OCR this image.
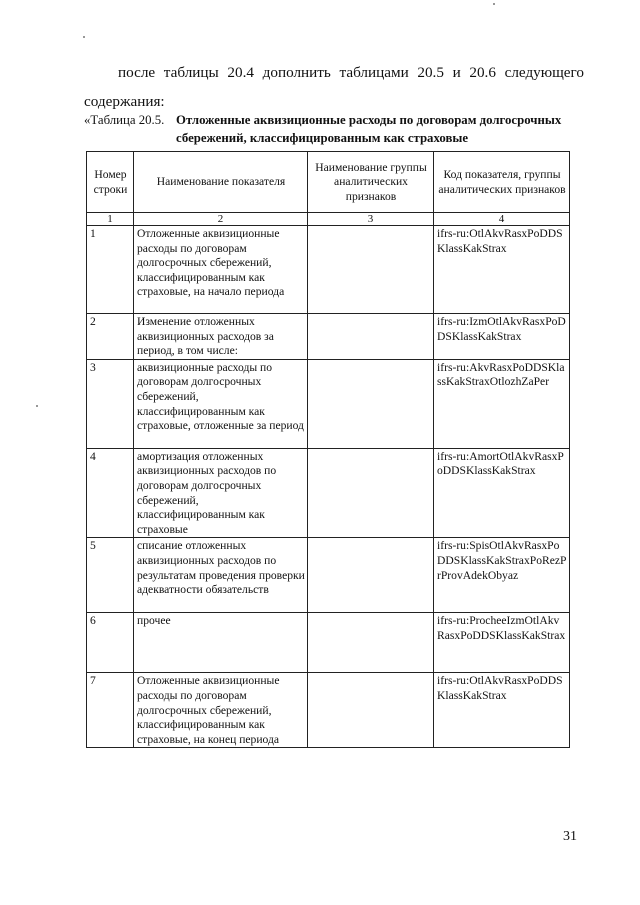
после таблицы 20.4 дополнить таблицами 20.5 и 20.6 следующего
содержания:
«Таблица 20.5. Отложенные аквизиционные расходы по договорам долгосрочных сбережений, классифицированным как страховые
Номер строки	Наименование показателя	Наименование группы аналитических признаков	Код показателя, группы аналитических признаков
1	2	3	4
1	Отложенные аквизиционные расходы по договорам долгосрочных сбережений, классифицированным как страховые, на начало периода		ifrs-ru:OtlAkvRasxPoDDSKlassKakStrax
2	Изменение отложенных аквизиционных расходов за период, в том числе:		ifrs-ru:IzmOtlAkvRasxPoDDSKlassKakStrax
3	аквизиционные расходы по договорам долгосрочных сбережений, классифицированным как страховые, отложенные за период		ifrs-ru:AkvRasxPoDDSKlassKakStraxOtlozhZaPer
4	амортизация отложенных аквизиционных расходов по договорам долгосрочных сбережений, классифицированным как страховые		ifrs-ru:AmortOtlAkvRasxPoDDSKlassKakStrax
5	списание отложенных аквизиционных расходов по результатам проведения проверки адекватности обязательств		ifrs-ru:SpisOtlAkvRasxPoDDSKlassKakStraxPoRezPrProvAdekObyaz
6	прочее		ifrs-ru:ProcheeIzmOtlAkvRasxPoDDSKlassKakStrax
7	Отложенные аквизиционные расходы по договорам долгосрочных сбережений, классифицированным как страховые, на конец периода		ifrs-ru:OtlAkvRasxPoDDSKlassKakStrax
31
